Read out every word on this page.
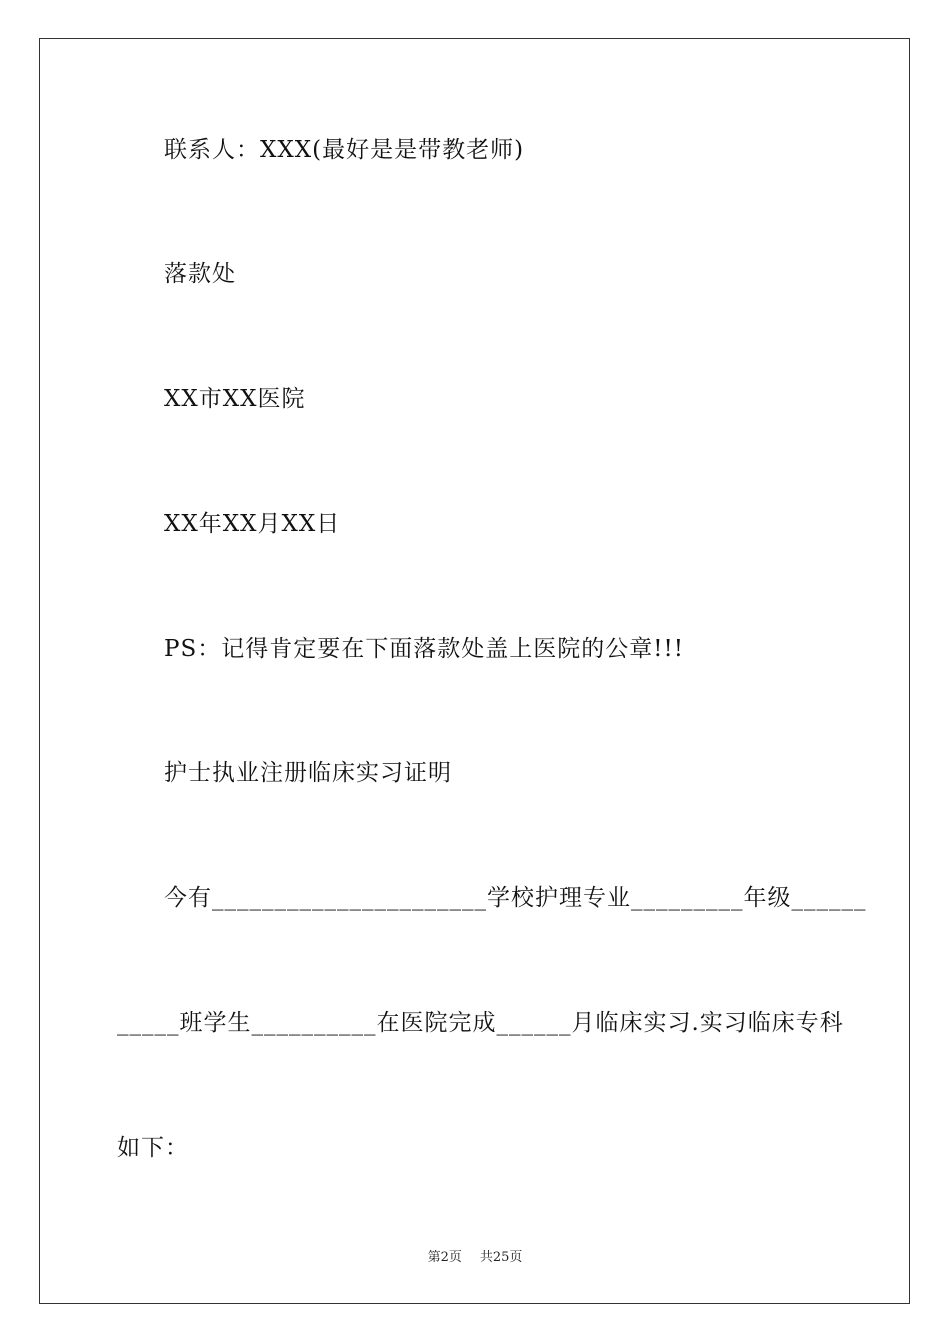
联系人：XXX(最好是是带教老师)
落款处
XX市XX医院
XX年XX月XX日
PS：记得肯定要在下面落款处盖上医院的公章!!!
护士执业注册临床实习证明
今有______________________学校护理专业_________年级______
_____班学生__________在医院完成______月临床实习.实习临床专科
如下：
第2页 共25页
